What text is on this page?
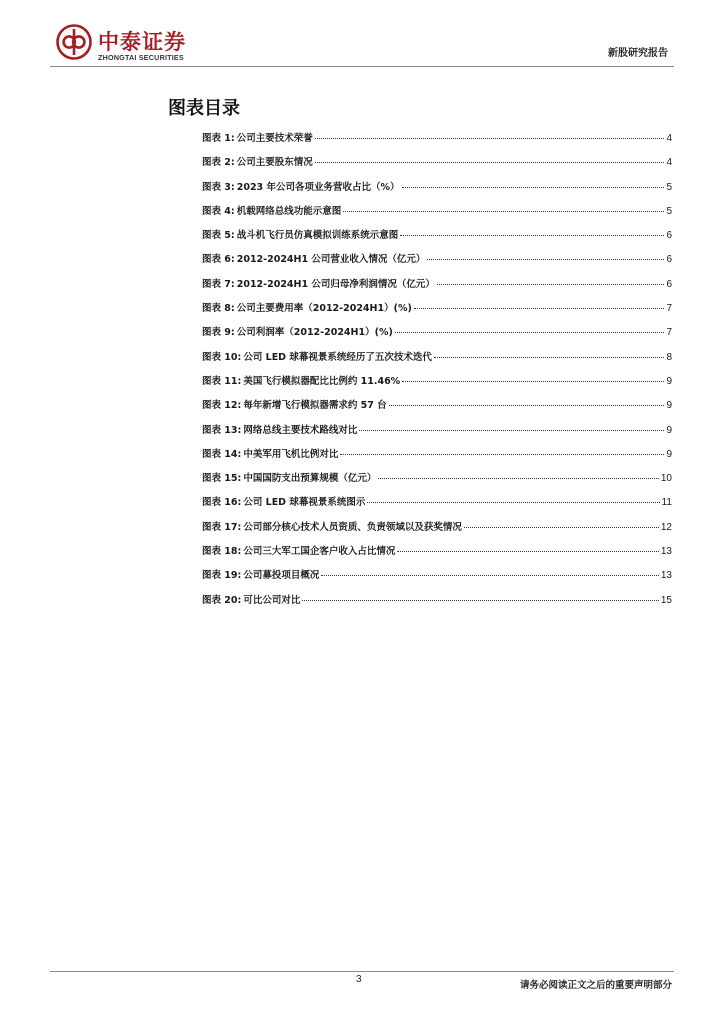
中泰证券
ZHONGTAI SECURITIES	新股研究报告
图表目录
图表 1: 公司主要技术荣誉	4
图表 2: 公司主要股东情况	4
图表 3: 2023 年公司各项业务营收占比（%）	5
图表 4: 机载网络总线功能示意图	5
图表 5: 战斗机飞行员仿真模拟训练系统示意图	6
图表 6: 2012-2024H1 公司营业收入情况（亿元）	6
图表 7: 2012-2024H1 公司归母净利润情况（亿元）	6
图表 8: 公司主要费用率（2012-2024H1）(%)	7
图表 9: 公司利润率（2012-2024H1）(%)	7
图表 10: 公司 LED 球幕视景系统经历了五次技术迭代	8
图表 11: 美国飞行模拟器配比比例约 11.46%	9
图表 12: 每年新增飞行模拟器需求约 57 台	9
图表 13: 网络总线主要技术路线对比	9
图表 14: 中美军用飞机比例对比	9
图表 15: 中国国防支出预算规模（亿元）	10
图表 16: 公司 LED 球幕视景系统图示	11
图表 17: 公司部分核心技术人员资质、负责领域以及获奖情况	12
图表 18: 公司三大军工国企客户收入占比情况	13
图表 19: 公司募投项目概况	13
图表 20: 可比公司对比	15
3
请务必阅读正文之后的重要声明部分
